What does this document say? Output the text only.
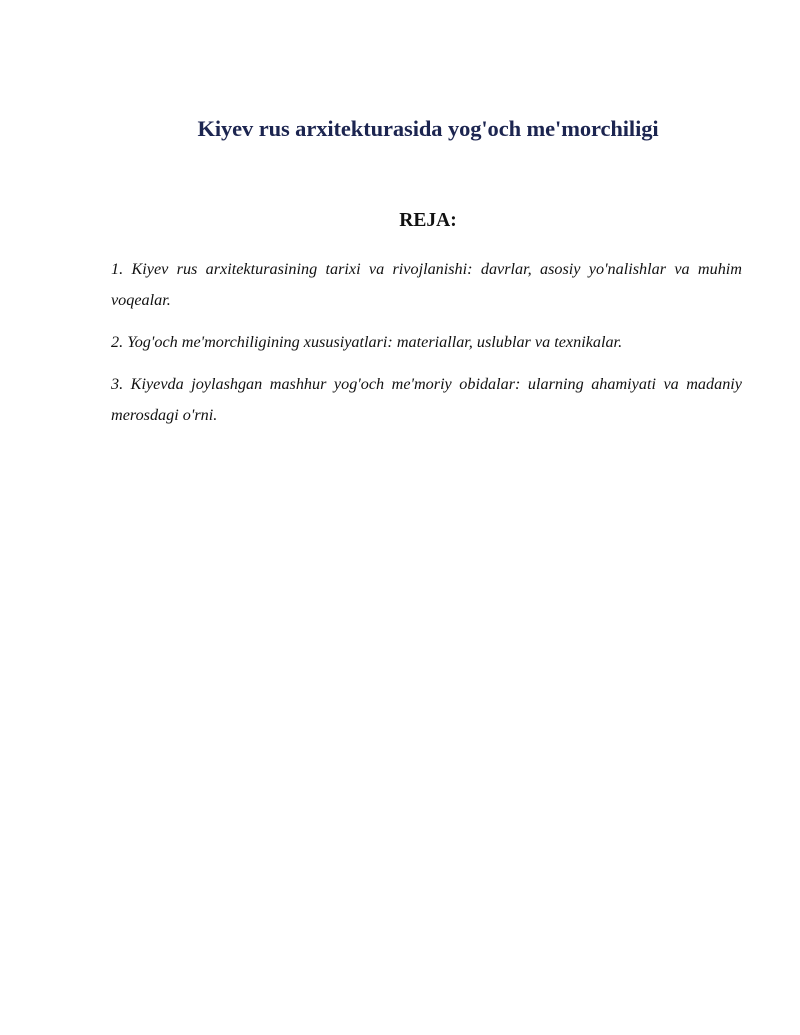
Kiyev rus arxitekturasida yog'och me'morchiligi
REJA:

1. Kiyev rus arxitekturasining tarixi va rivojlanishi: davrlar, asosiy yo'nalishlar va muhim voqealar.

2. Yog'och me'morchiligining xususiyatlari: materiallar, uslublar va texnikalar.

3. Kiyevda joylashgan mashhur yog'och me'moriy obidalar: ularning ahamiyati va madaniy merosdagi o'rni.
